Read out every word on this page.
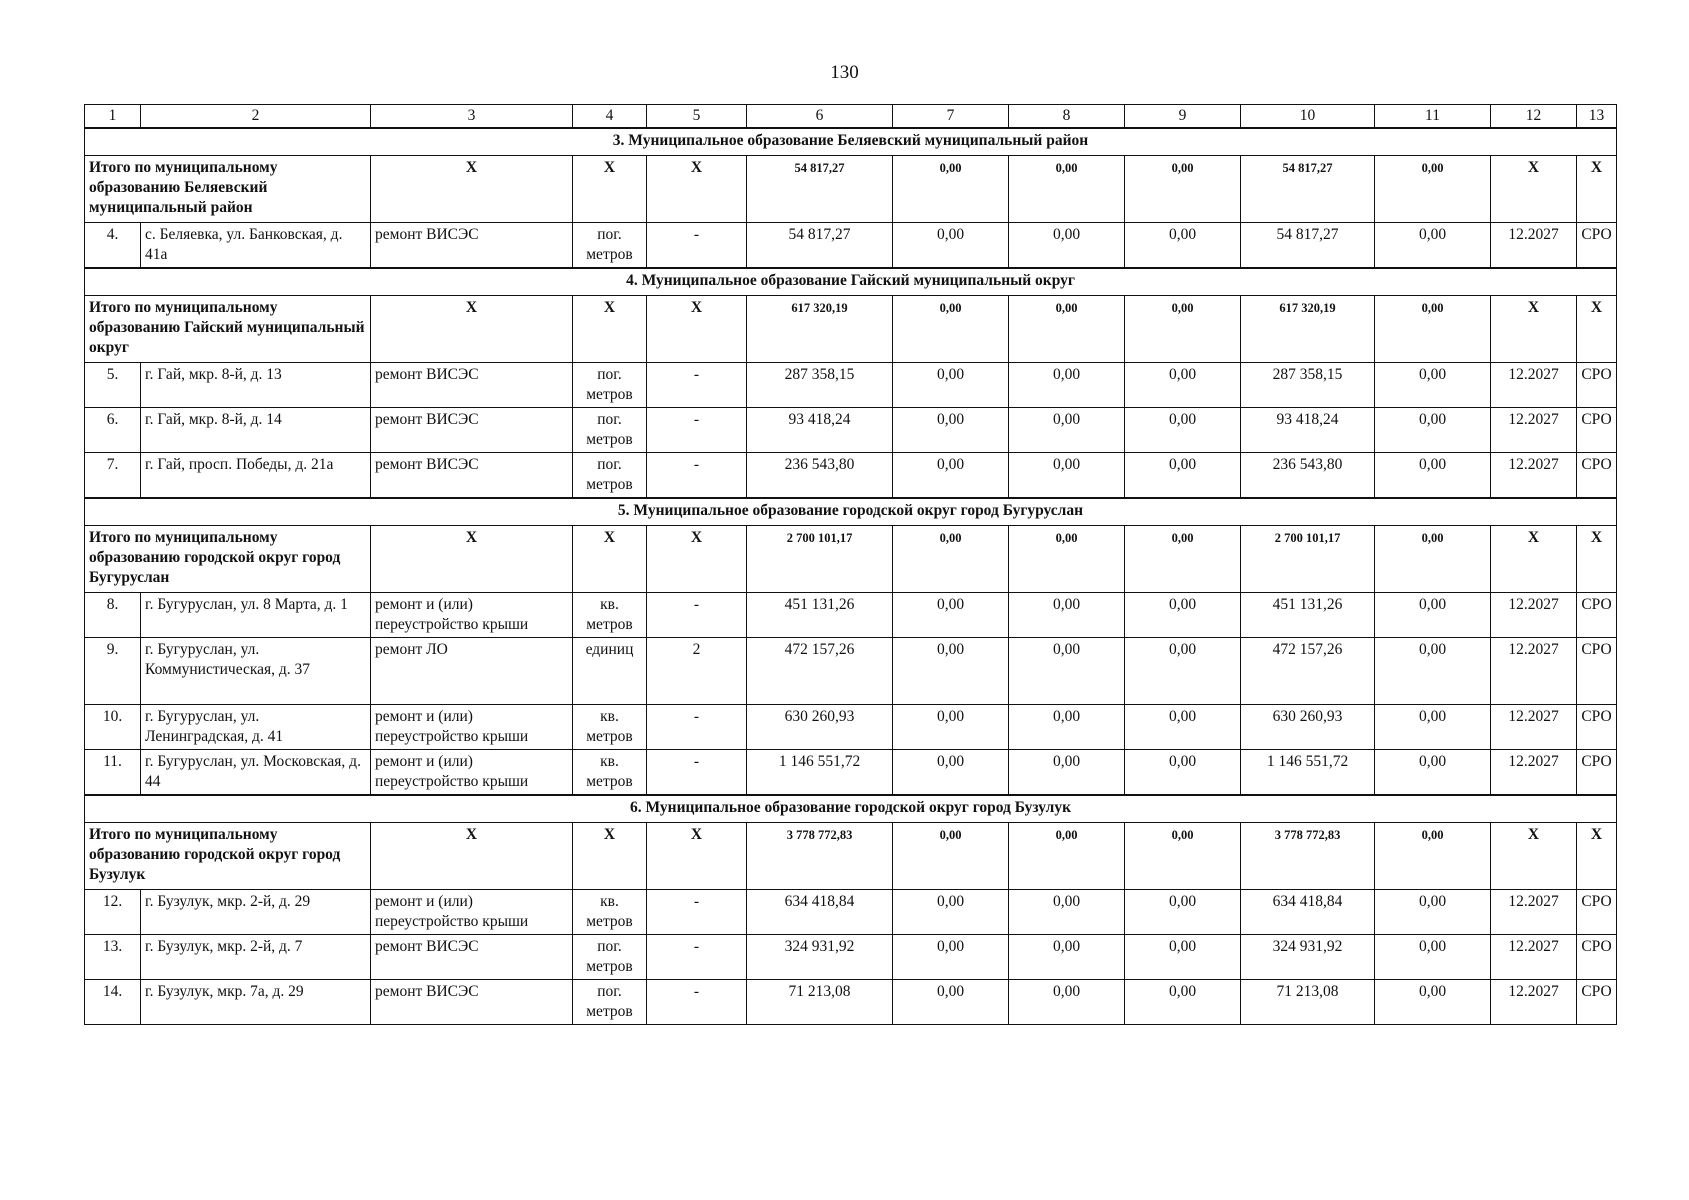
130
1	2	3	4	5	6	7	8	9	10	11	12	13
3. Муниципальное образование Беляевский муниципальный район												
Итого по муниципальному образованию Беляевский муниципальный район		X	X	X	54 817,27	0,00	0,00	0,00	54 817,27	0,00	X	X
4.	с. Беляевка, ул. Банковская, д. 41а	ремонт ВИСЭС	пог. метров	-	54 817,27	0,00	0,00	0,00	54 817,27	0,00	12.2027	СРО
4. Муниципальное образование Гайский муниципальный округ												
Итого по муниципальному образованию Гайский муниципальный округ		X	X	X	617 320,19	0,00	0,00	0,00	617 320,19	0,00	X	X
5.	г. Гай, мкр. 8-й, д. 13	ремонт ВИСЭС	пог. метров	-	287 358,15	0,00	0,00	0,00	287 358,15	0,00	12.2027	СРО
6.	г. Гай, мкр. 8-й, д. 14	ремонт ВИСЭС	пог. метров	-	93 418,24	0,00	0,00	0,00	93 418,24	0,00	12.2027	СРО
7.	г. Гай, просп. Победы, д. 21а	ремонт ВИСЭС	пог. метров	-	236 543,80	0,00	0,00	0,00	236 543,80	0,00	12.2027	СРО
5. Муниципальное образование городской округ город Бугуруслан												
Итого по муниципальному образованию городской округ город Бугуруслан		X	X	X	2 700 101,17	0,00	0,00	0,00	2 700 101,17	0,00	X	X
8.	г. Бугуруслан, ул. 8 Марта, д. 1	ремонт и (или) переустройство крыши	кв. метров	-	451 131,26	0,00	0,00	0,00	451 131,26	0,00	12.2027	СРО
9.	г. Бугуруслан, ул. Коммунистическая, д. 37	ремонт ЛО	единиц	2	472 157,26	0,00	0,00	0,00	472 157,26	0,00	12.2027	СРО
10.	г. Бугуруслан, ул. Ленинградская, д. 41	ремонт и (или) переустройство крыши	кв. метров	-	630 260,93	0,00	0,00	0,00	630 260,93	0,00	12.2027	СРО
11.	г. Бугуруслан, ул. Московская, д. 44	ремонт и (или) переустройство крыши	кв. метров	-	1 146 551,72	0,00	0,00	0,00	1 146 551,72	0,00	12.2027	СРО
6. Муниципальное образование городской округ город Бузулук												
Итого по муниципальному образованию городской округ город Бузулук		X	X	X	3 778 772,83	0,00	0,00	0,00	3 778 772,83	0,00	X	X
12.	г. Бузулук, мкр. 2-й, д. 29	ремонт и (или) переустройство крыши	кв. метров	-	634 418,84	0,00	0,00	0,00	634 418,84	0,00	12.2027	СРО
13.	г. Бузулук, мкр. 2-й, д. 7	ремонт ВИСЭС	пог. метров	-	324 931,92	0,00	0,00	0,00	324 931,92	0,00	12.2027	СРО
14.	г. Бузулук, мкр. 7а, д. 29	ремонт ВИСЭС	пог. метров	-	71 213,08	0,00	0,00	0,00	71 213,08	0,00	12.2027	СРО
